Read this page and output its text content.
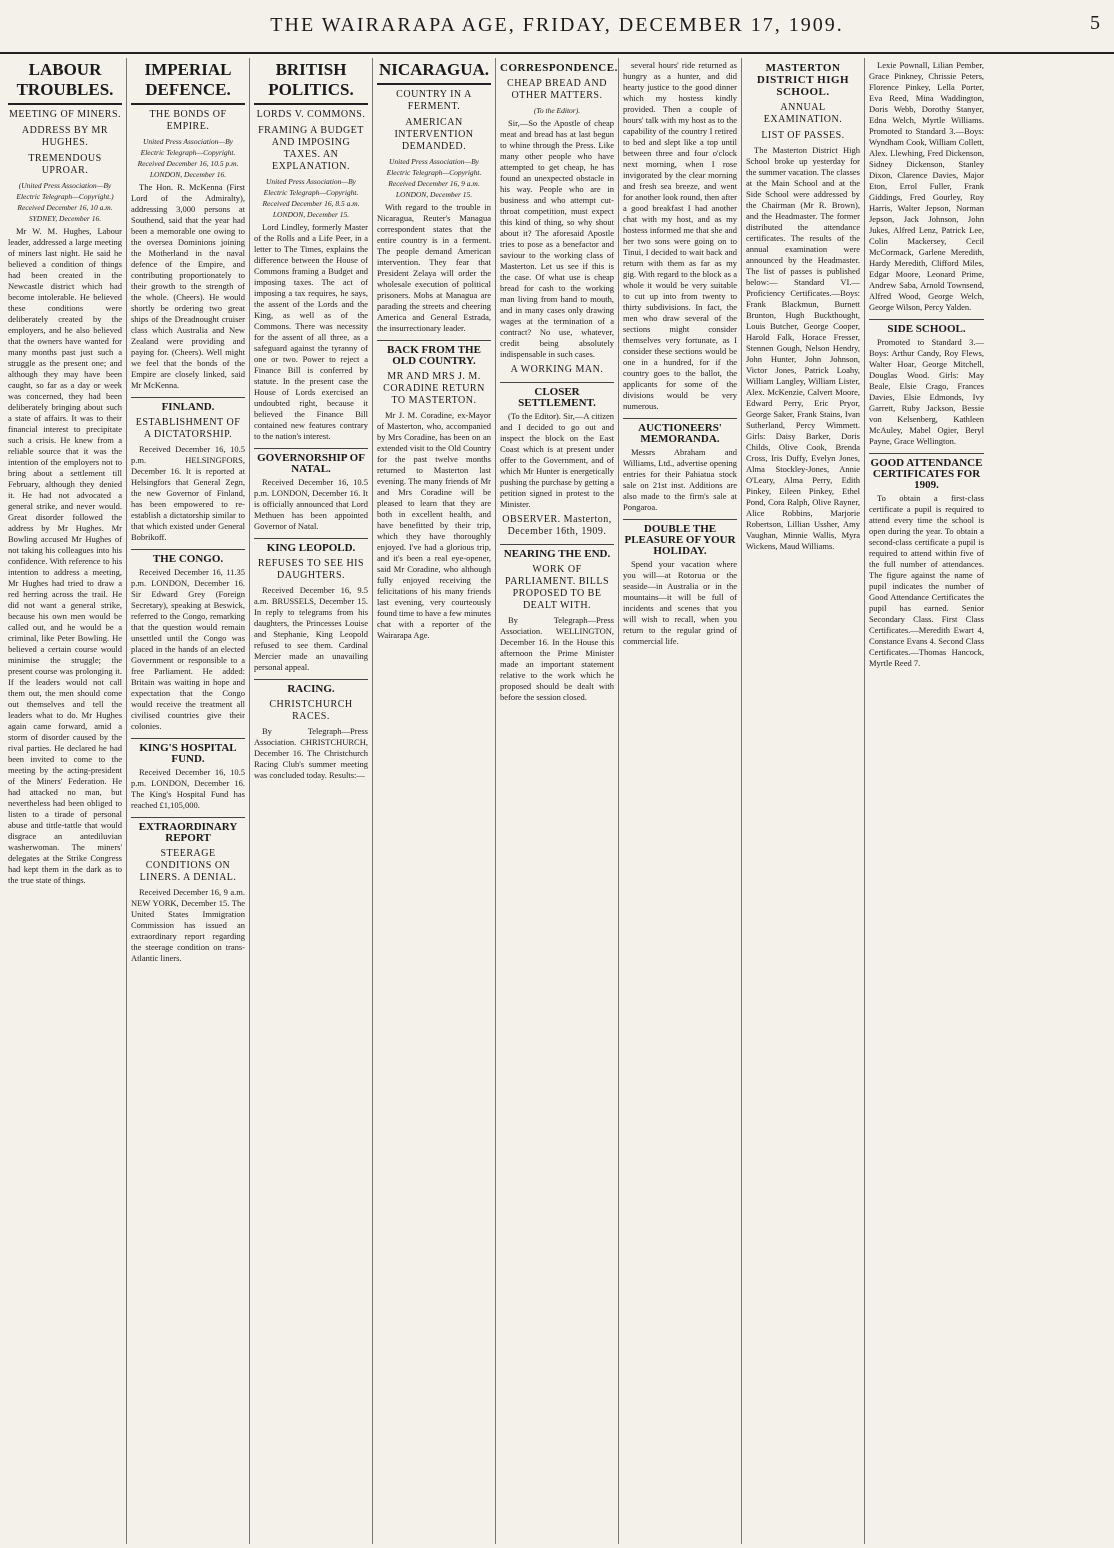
THE WAIRARAPA AGE, FRIDAY, DECEMBER 17, 1909.	5
LABOUR TROUBLES.
MEETING OF MINERS.
ADDRESS BY MR HUGHES.
TREMENDOUS UPROAR.
(United Press Association—By Electric Telegraph—Copyright.) Received December 16, 10 a.m. SYDNEY, December 16.

Mr W. M. Hughes, Labour leader, addressed a large meeting of miners last night. He said he believed a condition of things had been created in the Newcastle district which had become intolerable. He believed these conditions were deliberately created by the employers, and he also believed that the owners have wanted for many months past just such a struggle as the present one; and although they may have been caught, so far as a day or week was concerned, they had been deliberately bringing about such a state of affairs. It was to their financial interest to precipitate such a crisis. He knew from a reliable source that it was the intention of the employers not to bring about a settlement till February, although they denied it. He had not advocated a general strike, and never would. Great disorder followed the address by Mr Hughes. Mr Bowling accused Mr Hughes of not taking his colleagues into his confidence. With reference to his intention to address a meeting, Mr Hughes had tried to draw a red herring across the trail. He did not want a general strike, because his own men would be called out, and he would be a criminal, like Peter Bowling. He believed a certain course would minimise the struggle; the present course was prolonging it. If the leaders would not call them out, the men should come out themselves and tell the leaders what to do. Mr Hughes again came forward, amid a storm of disorder caused by the rival parties. He declared he had been invited to come to the meeting by the acting-president of the Miners' Federation. He had attacked no man, but nevertheless had been obliged to listen to a tirade of personal abuse and tittle-tattle that would disgrace an antediluvian washerwoman. The miners' delegates at the Strike Congress had kept them in the dark as to the true state of things.

IMPERIAL DEFENCE.
THE BONDS OF EMPIRE.
United Press Association—By Electric Telegraph—Copyright. Received December 16, 10.5 p.m. LONDON, December 16.

The Hon. R. McKenna (First Lord of the Admiralty), addressing 3,000 persons at Southend, said that the year had been a memorable one owing to the oversea Dominions joining the Motherland in the naval defence of the Empire, and contributing proportionately to their growth to the strength of the whole. (Cheers). He would shortly be ordering two great ships of the Dreadnought cruiser class which Australia and New Zealand were providing and paying for. (Cheers). Well might we feel that the bonds of the Empire are closely linked, said Mr McKenna.

FINLAND.
ESTABLISHMENT OF A DICTATORSHIP.

Received December 16, 10.5 p.m. HELSINGFORS, December 16. It is reported at Helsingfors that General Zegn, the new Governor of Finland, has been empowered to re-establish a dictatorship similar to that which existed under General Bobrikoff.

THE CONGO.

Received December 16, 11.35 p.m. LONDON, December 16. Sir Edward Grey (Foreign Secretary), speaking at Beswick, referred to the Congo, remarking that the question would remain unsettled until the Congo was placed in the hands of an elected Government or responsible to a free Parliament. He added: Britain was waiting in hope and expectation that the Congo would receive the treatment all civilised countries give their colonies.

KING'S HOSPITAL FUND.

Received December 16, 10.5 p.m. LONDON, December 16. The King's Hospital Fund has reached £1,105,000.

EXTRAORDINARY REPORT
STEERAGE CONDITIONS ON LINERS. A DENIAL.

Received December 16, 9 a.m. NEW YORK, December 15. The United States Immigration Commission has issued an extraordinary report regarding the steerage condition on trans-Atlantic liners.

BRITISH POLITICS.
LORDS V. COMMONS.
FRAMING A BUDGET AND IMPOSING TAXES. AN EXPLANATION.
United Press Association—By Electric Telegraph—Copyright. Received December 16, 8.5 a.m. LONDON, December 15.

Lord Lindley, formerly Master of the Rolls and a Life Peer, in a letter to The Times, explains the difference between the House of Commons framing a Budget and imposing taxes. The act of imposing a tax requires, he says, the assent of the Lords and the King, as well as of the Commons. There was necessity for the assent of all three, as a safeguard against the tyranny of one or two. Power to reject a Finance Bill is conferred by statute. In the present case the House of Lords exercised an undoubted right, because it believed the Finance Bill contained new features contrary to the nation's interest.

GOVERNORSHIP OF NATAL.

Received December 16, 10.5 p.m. LONDON, December 16. It is officially announced that Lord Methuen has been appointed Governor of Natal.

KING LEOPOLD.
REFUSES TO SEE HIS DAUGHTERS.

Received December 16, 9.5 a.m. BRUSSELS, December 15. In reply to telegrams from his daughters, the Princesses Louise and Stephanie, King Leopold refused to see them. Cardinal Mercier made an unavailing personal appeal.

RACING.
CHRISTCHURCH RACES.

By Telegraph—Press Association. CHRISTCHURCH, December 16. The Christchurch Racing Club's summer meeting was concluded today. Results:—

NICARAGUA.
COUNTRY IN A FERMENT.
AMERICAN INTERVENTION DEMANDED.
United Press Association—By Electric Telegraph—Copyright. Received December 16, 9 a.m. LONDON, December 15.

With regard to the trouble in Nicaragua, Reuter's Managua correspondent states that the entire country is in a ferment. The people demand American intervention. They fear that President Zelaya will order the wholesale execution of political prisoners. Mobs at Managua are parading the streets and cheering America and General Estrada, the insurrectionary leader.

BACK FROM THE OLD COUNTRY.
MR AND MRS J. M. CORADINE RETURN TO MASTERTON.

Mr J. M. Coradine, ex-Mayor of Masterton, who, accompanied by Mrs Coradine, has been on an extended visit to the Old Country for the past twelve months returned to Masterton last evening. The many friends of Mr and Mrs Coradine will be pleased to learn that they are both in excellent health, and have benefitted by their trip, which they have thoroughly enjoyed. I've had a glorious trip, and it's been a real eye-opener, said Mr Coradine, who although fully enjoyed receiving the felicitations of his many friends last evening, very courteously found time to have a few minutes chat with a reporter of the Wairarapa Age.

CORRESPONDENCE.
CHEAP BREAD AND OTHER MATTERS.
(To the Editor).

Sir,—So the Apostle of cheap meat and bread has at last begun to whine through the Press. Like many other people who have attempted to get cheap, he has found an unexpected obstacle in his way. People who are in business and who attempt cut-throat competition, must expect this kind of thing, so why shout about it? The aforesaid Apostle tries to pose as a benefactor and saviour to the working class of Masterton. Let us see if this is the case. Of what use is cheap bread for cash to the working man living from hand to mouth, and in many cases only drawing wages at the termination of a contract? No use, whatever, credit being absolutely indispensable in such cases.

A WORKING MAN.
CLOSER SETTLEMENT.

(To the Editor). Sir,—A citizen and I decided to go out and inspect the block on the East Coast which is at present under offer to the Government, and of which Mr Hunter is energetically pushing the purchase by getting a petition signed in protest to the Minister.

OBSERVER. Masterton, December 16th, 1909.
NEARING THE END.
WORK OF PARLIAMENT. BILLS PROPOSED TO BE DEALT WITH.

By Telegraph—Press Association. WELLINGTON, December 16. In the House this afternoon the Prime Minister made an important statement relative to the work which he proposed should be dealt with before the session closed.

several hours' ride returned as hungry as a hunter, and did hearty justice to the good dinner which my hostess kindly provided. Then a couple of hours' talk with my host as to the capability of the country I retired to bed and slept like a top until between three and four o'clock next morning, when I rose invigorated by the clear morning and fresh sea breeze, and went for another look round, then after a good breakfast I had another chat with my host, and as my hostess informed me that she and her two sons were going on to Tinui, I decided to wait back and return with them as far as my gig. With regard to the block as a whole it would be very suitable to cut up into from twenty to thirty subdivisions. In fact, the men who draw several of the sections might consider themselves very fortunate, as I consider these sections would be one in a hundred, for if the country goes to the ballot, the applicants for some of the divisions would be very numerous.

AUCTIONEERS' MEMORANDA.

Messrs Abraham and Williams, Ltd., advertise opening entries for their Pahiatua stock sale on 21st inst. Additions are also made to the firm's sale at Pongaroa.

DOUBLE THE PLEASURE OF YOUR HOLIDAY.

Spend your vacation where you will—at Rotorua or the seaside—in Australia or in the mountains—it will be full of incidents and scenes that you will wish to recall, when you return to the regular grind of commercial life.

MASTERTON DISTRICT HIGH SCHOOL.
ANNUAL EXAMINATION.
LIST OF PASSES.

The Masterton District High School broke up yesterday for the summer vacation. The classes at the Main School and at the Side School were addressed by the Chairman (Mr R. Brown), and the Headmaster. The former distributed the attendance certificates. The results of the annual examination were announced by the Headmaster. The list of passes is published below:— Standard VI.—Proficiency Certificates.—Boys: Frank Blackmun, Burnett Brunton, Hugh Buckthought, Louis Butcher, George Cooper, Harold Falk, Horace Fresser, Stennen Gough, Nelson Hendry, John Hunter, John Johnson, Victor Jones, Patrick Loahy, William Langley, William Lister, Alex. McKenzie, Calvert Moore, Edward Perry, Eric Pryor, George Saker, Frank Stains, Ivan Sutherland, Percy Wimmett. Girls: Daisy Barker, Doris Childs, Olive Cook, Brenda Cross, Iris Duffy, Evelyn Jones, Alma Stockley-Jones, Annie O'Leary, Alma Perry, Edith Pinkey, Eileen Pinkey, Ethel Pond, Cora Ralph, Olive Rayner, Alice Robbins, Marjorie Robertson, Lillian Ussher, Amy Vaughan, Minnie Wallis, Myra Wickens, Maud Williams.

Lexie Pownall, Lilian Pember, Grace Pinkney, Chrissie Peters, Florence Pinkey, Lella Porter, Eva Reed, Mina Waddington, Doris Webb, Dorothy Stanyer, Edna Welch, Myrtle Williams. Promoted to Standard 3.—Boys: Wyndham Cook, William Collett, Alex. Llewhing, Fred Dickenson, Sidney Dickenson, Stanley Dixon, Clarence Davies, Major Eton, Errol Fuller, Frank Giddings, Fred Gourley, Roy Harris, Walter Jepson, Norman Jepson, Jack Johnson, John Jukes, Alfred Lenz, Patrick Lee, Colin Mackersey, Cecil McCormack, Garlene Meredith, Hardy Meredith, Clifford Miles, Edgar Moore, Leonard Prime, Andrew Saba, Arnold Townsend, Alfred Wood, George Welch, George Wilson, Percy Yalden.

SIDE SCHOOL.

Promoted to Standard 3.—Boys: Arthur Candy, Roy Flews, Walter Hoar, George Mitchell, Douglas Wood. Girls: May Beale, Elsie Crago, Frances Davies, Elsie Edmonds, Ivy Garrett, Ruby Jackson, Bessie von Kelsenberg, Kathleen McAuley, Mabel Ogier, Beryl Payne, Grace Wellington.

GOOD ATTENDANCE CERTIFICATES FOR 1909.

To obtain a first-class certificate a pupil is required to attend every time the school is open during the year. To obtain a second-class certificate a pupil is required to attend within five of the full number of attendances. The figure against the name of pupil indicates the number of Good Attendance Certificates the pupil has earned. Senior Secondary Class. First Class Certificates.—Meredith Ewart 4, Constance Evans 4. Second Class Certificates.—Thomas Hancock, Myrtle Reed 7.
